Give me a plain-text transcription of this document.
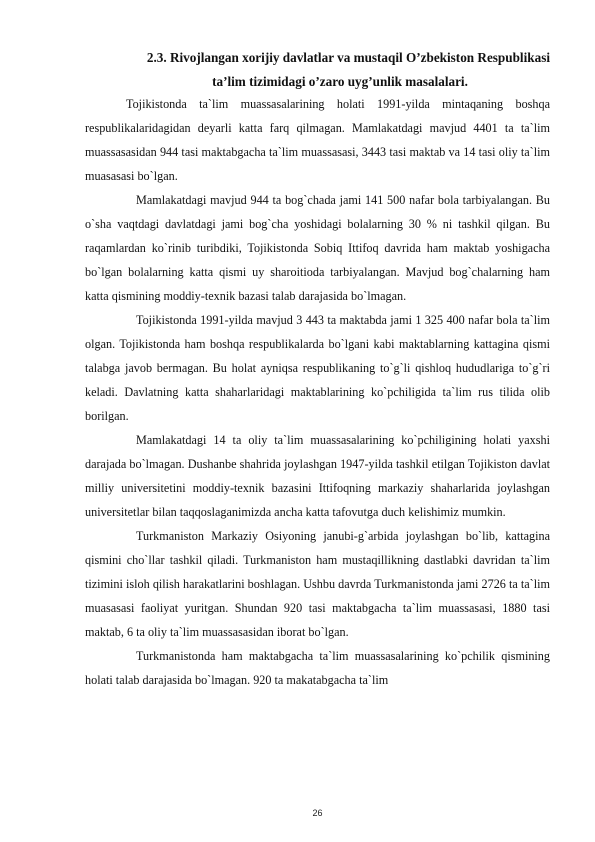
2.3. Rivojlangan xorijiy davlatlar va mustaqil O’zbekiston Respublikasi
ta’lim tizimidagi o’zaro uyg’unlik masalalari.

Tojikistonda ta`lim muassasalarining holati 1991-yilda mintaqaning boshqa respublikalaridagidan deyarli katta farq qilmagan. Mamlakatdagi mavjud 4401 ta ta`lim muassasasidan 944 tasi maktabgacha ta`lim muassasasi, 3443 tasi maktab va 14 tasi oliy ta`lim muasasasi bo`lgan.

Mamlakatdagi mavjud 944 ta bog`chada jami 141 500 nafar bola tarbiyalangan. Bu o`sha vaqtdagi davlatdagi jami bog`cha yoshidagi bolalarning 30 % ni tashkil qilgan. Bu raqamlardan ko`rinib turibdiki, Tojikistonda Sobiq Ittifoq davrida ham maktab yoshigacha bo`lgan bolalarning katta qismi uy sharoitioda tarbiyalangan. Mavjud bog`chalarning ham katta qismining moddiy-texnik bazasi talab darajasida bo`lmagan.

Tojikistonda 1991-yilda mavjud 3 443 ta maktabda jami 1 325 400 nafar bola ta`lim olgan. Tojikistonda ham boshqa respublikalarda bo`lgani kabi maktablarning kattagina qismi talabga javob bermagan. Bu holat ayniqsa respublikaning to`g`li qishloq hududlariga to`g`ri keladi. Davlatning katta shaharlaridagi maktablarining ko`pchiligida ta`lim rus tilida olib borilgan.

Mamlakatdagi 14 ta oliy ta`lim muassasalarining ko`pchiligining holati yaxshi darajada bo`lmagan. Dushanbe shahrida joylashgan 1947-yilda tashkil etilgan Tojikiston davlat milliy universitetini moddiy-texnik bazasini Ittifoqning markaziy shaharlarida joylashgan universitetlar bilan taqqoslaganimizda ancha katta tafovutga duch kelishimiz mumkin.

Turkmaniston Markaziy Osiyoning janubi-g`arbida joylashgan bo`lib, kattagina qismini cho`llar tashkil qiladi. Turkmaniston ham mustaqillikning dastlabki davridan ta`lim tizimini isloh qilish harakatlarini boshlagan. Ushbu davrda Turkmanistonda jami 2726 ta ta`lim muasasasi faoliyat yuritgan. Shundan 920 tasi maktabgacha ta`lim muassasasi, 1880 tasi maktab, 6 ta oliy ta`lim muassasasidan iborat bo`lgan.

Turkmanistonda ham maktabgacha ta`lim muassasalarining ko`pchilik qismining holati talab darajasida bo`lmagan. 920 ta makatabgacha ta`lim

26
